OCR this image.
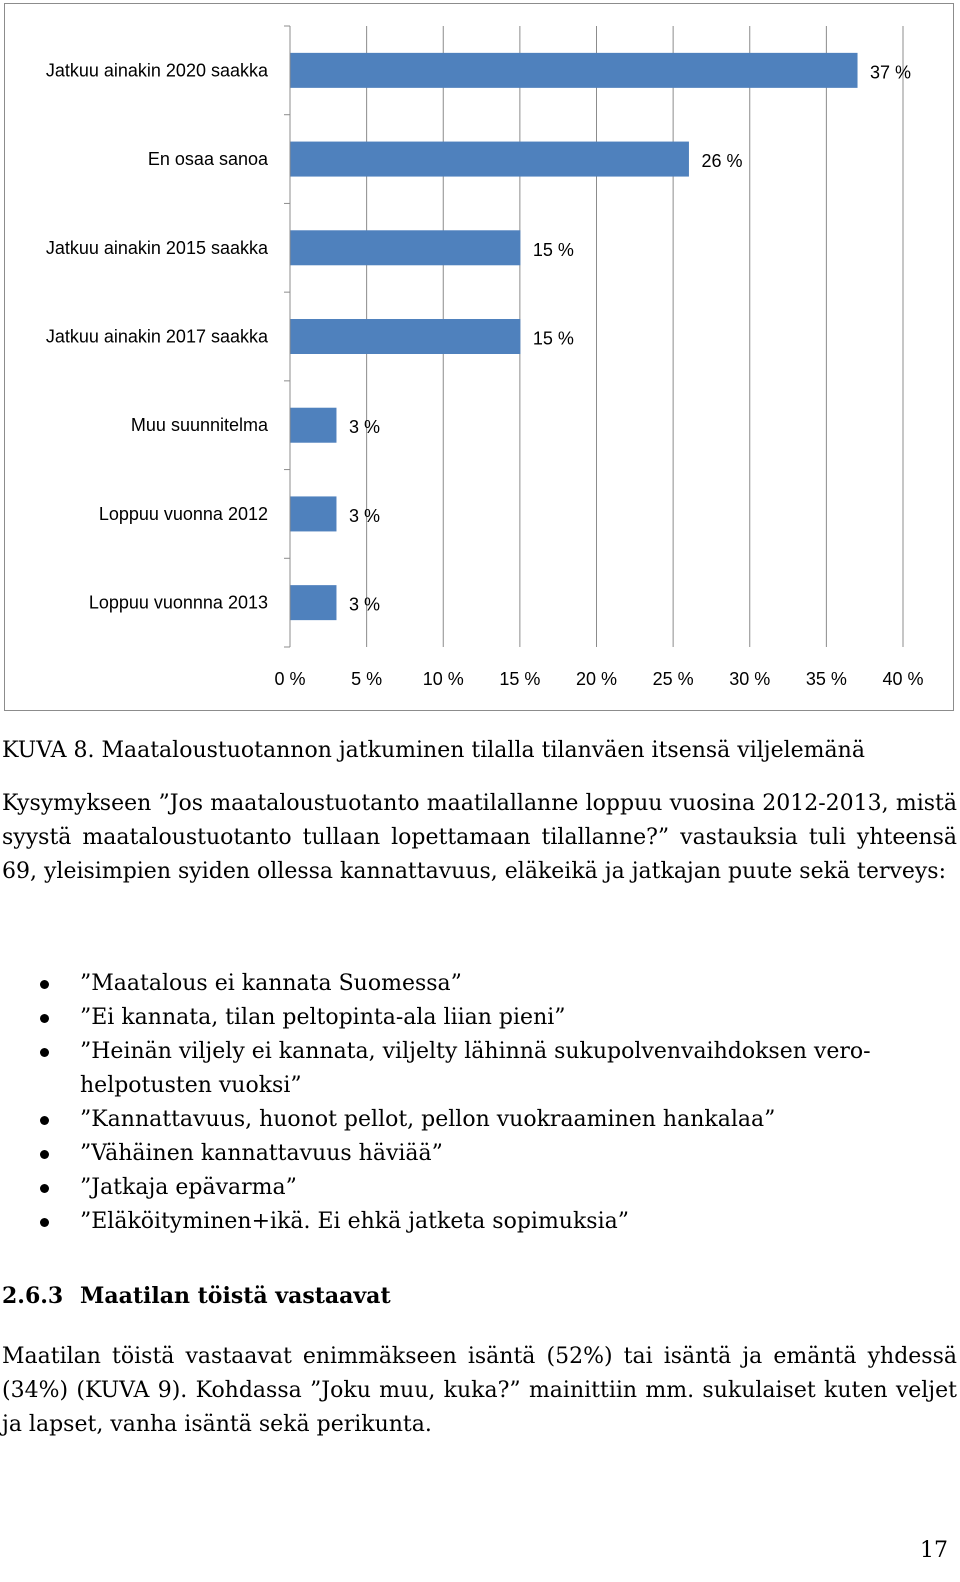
Jatkuu ainakin 2020 saakka	37 %
En osaa sanoa	26 %
Jatkuu ainakin 2015 saakka	15 %
Jatkuu ainakin 2017 saakka	15 %
Muu suunnitelma	3 %
Loppuu vuonna 2012	3 %
Loppuu vuonnna 2013	3 %
0 %	5 % 10 % 15 % 20 % 25 % 30 % 35 % 40 %
KUVA 8. Maataloustuotannon jatkuminen tilalla tilanväen itsensä viljelemänä
Kysymykseen ”Jos maataloustuotanto maatilallanne loppuu vuosina 2012-2013, mistä syystä maataloustuotanto tullaan lopettamaan tilallanne?” vastauksia tuli yhteensä 69, yleisimpien syiden ollessa kannattavuus, eläkeikä ja jatkajan puute sekä terveys:
”Maatalous ei kannata Suomessa”
”Ei kannata, tilan peltopinta-ala liian pieni”
”Heinän viljely ei kannata, viljelty lähinnä sukupolvenvaihdoksen vero-helpotusten vuoksi”
”Kannattavuus, huonot pellot, pellon vuokraaminen hankalaa”
”Vähäinen kannattavuus häviää”
”Jatkaja epävarma”
”Eläköityminen+ikä. Ei ehkä jatketa sopimuksia”
2.6.3 Maatilan töistä vastaavat
Maatilan töistä vastaavat enimmäkseen isäntä (52%) tai isäntä ja emäntä yhdessä (34%) (KUVA 9). Kohdassa ”Joku muu, kuka?” mainittiin mm. sukulaiset kuten veljet ja lapset, vanha isäntä sekä perikunta.
17
